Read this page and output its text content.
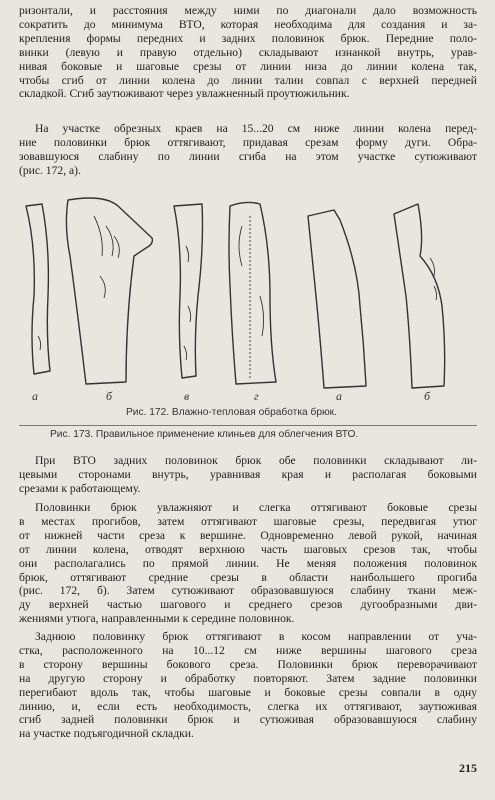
ризонтали, и расстояния между ними по диагонали дало возможность
сократить до минимума ВТО, которая необходима для создания и за-
крепления формы передних и задних половинок брюк. Передние поло-
винки (левую и правую отдельно) складывают изнанкой внутрь, урав-
нивая боковые и шаговые срезы от линии низа до линии колена так,
чтобы сгиб от линии колена до линии талии совпал с верхней передней
складкой. Сгиб заутюживают через увлажненный проутюжильник.
На участке обрезных краев на 15...20 см ниже линии колена перед-
ние половинки брюк оттягивают, придавая срезам форму дуги. Обра-
зовавшуюся слабину по линии сгиба на этом участке сутюживают
(рис. 172, а).
а	б	в	г	а	б
Рис. 172. Влажно-тепловая обработка брюк.
Рис. 173. Правильное применение клиньев для облегчения ВТО.
При ВТО задних половинок брюк обе половинки складывают ли-
цевыми сторонами внутрь, уравнивая края и располагая боковыми
срезами к работающему.
Половинки брюк увлажняют и слегка оттягивают боковые срезы
в местах прогибов, затем оттягивают шаговые срезы, передвигая утюг
от нижней части среза к вершине. Одновременно левой рукой, начиная
от линии колена, отводят верхнюю часть шаговых срезов так, чтобы
они располагались по прямой линии. Не меняя положения половинок
брюк, оттягивают средние срезы в области наибольшего прогиба
(рис. 172, б). Затем сутюживают образовавшуюся слабину ткани меж-
ду верхней частью шагового и среднего срезов дугообразными дви-
жениями утюга, направленными к середине половинок.
Заднюю половинку брюк оттягивают в косом направлении от уча-
стка, расположенного на 10...12 см ниже вершины шагового среза
в сторону вершины бокового среза. Половинки брюк переворачивают
на другую сторону и обработку повторяют. Затем задние половинки
перегибают вдоль так, чтобы шаговые и боковые срезы совпали в одну
линию, и, если есть необходимость, слегка их оттягивают, заутюживая
сгиб задней половинки брюк и сутюживая образовавшуюся слабину
на участке подъягодичной складки.
215
